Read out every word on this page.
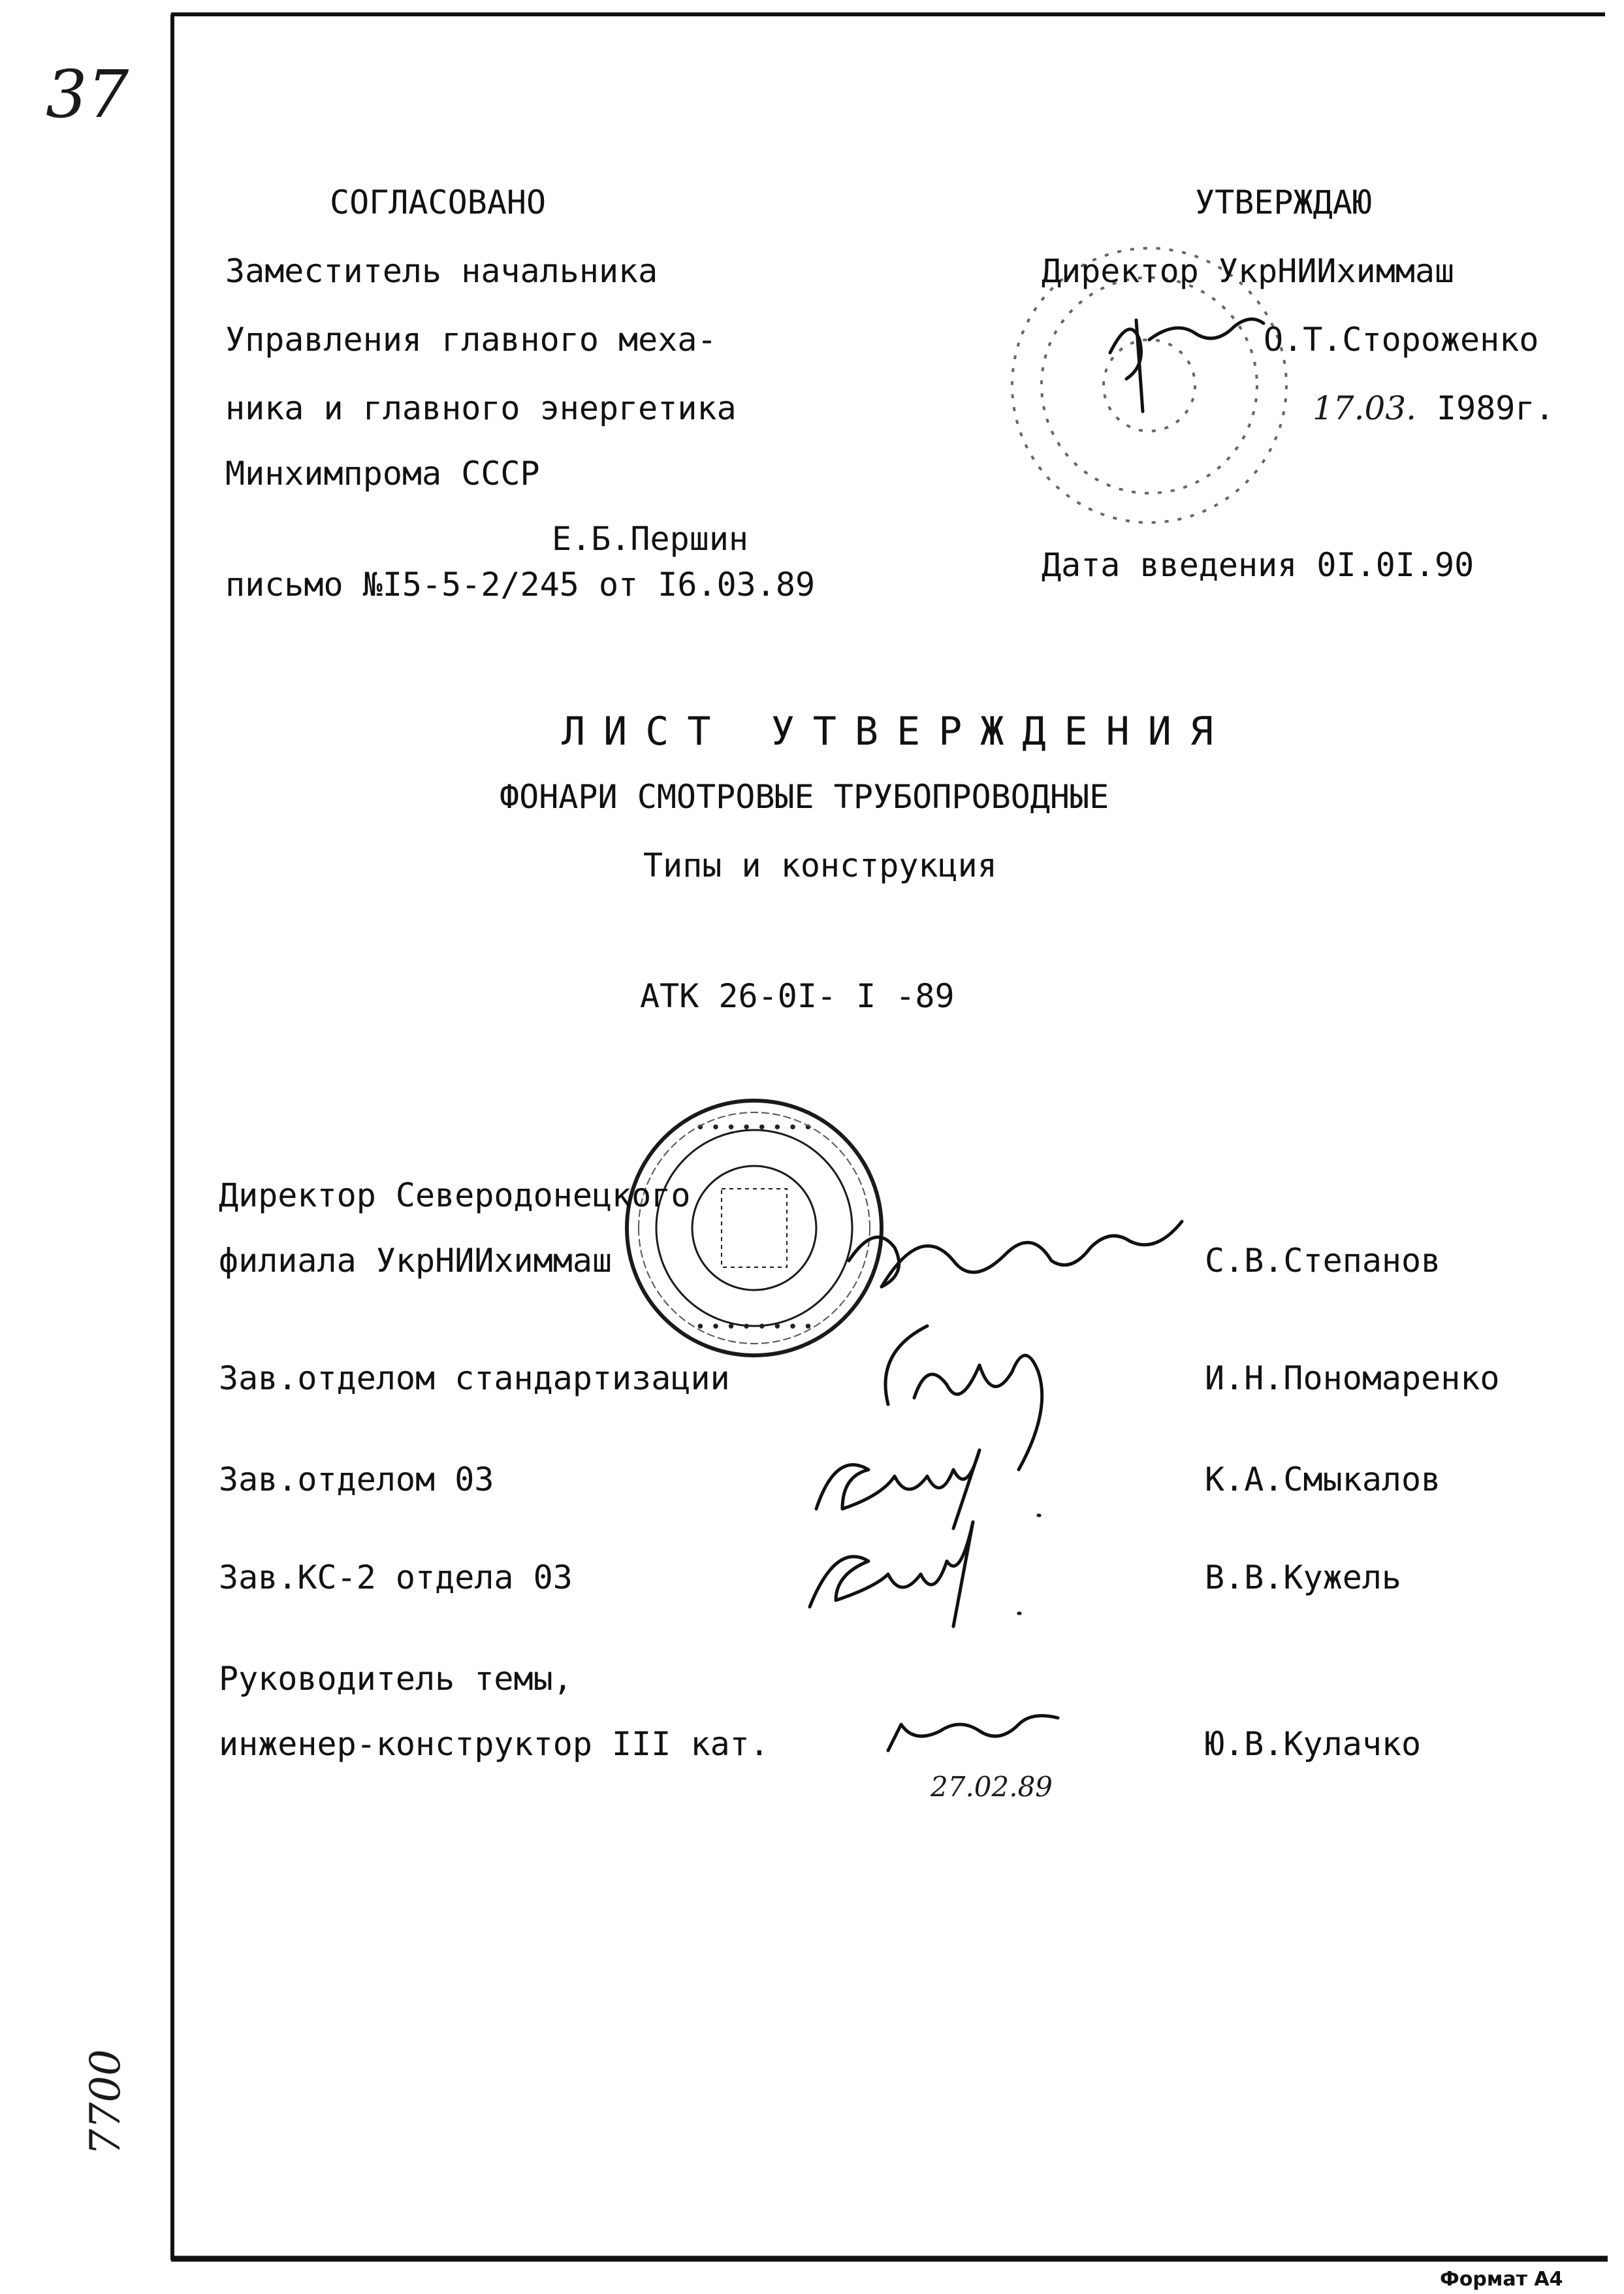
• • • • • • • •
• • • • • • • •
37
7700
СОГЛАСОВАНО
Заместитель начальника
Управления главного меха-
ника и главного энергетика
Минхимпрома СССР
Е.Б.Першин
письмо №I5-5-2/245 от I6.03.89
УТВЕРЖДАЮ
Директор УкрНИИхиммаш
О.Т.Стороженко
17.03. I989г.
Дата введения 0I.0I.90
ЛИСТ УТВЕРЖДЕНИЯ
ФОНАРИ СМОТРОВЫЕ ТРУБОПРОВОДНЫЕ
Типы и конструкция
АТК 26-0I- I -89
Директор Северодонецкого
филиала УкрНИИхиммаш	С.В.Степанов
Зав.отделом стандартизации	И.Н.Пономаренко
Зав.отделом 03	К.А.Смыкалов
Зав.КС-2 отдела 03	В.В.Кужель
Руководитель темы,
инженер-конструктор III кат.	Ю.В.Кулачко
27.02.89
Формат А4
